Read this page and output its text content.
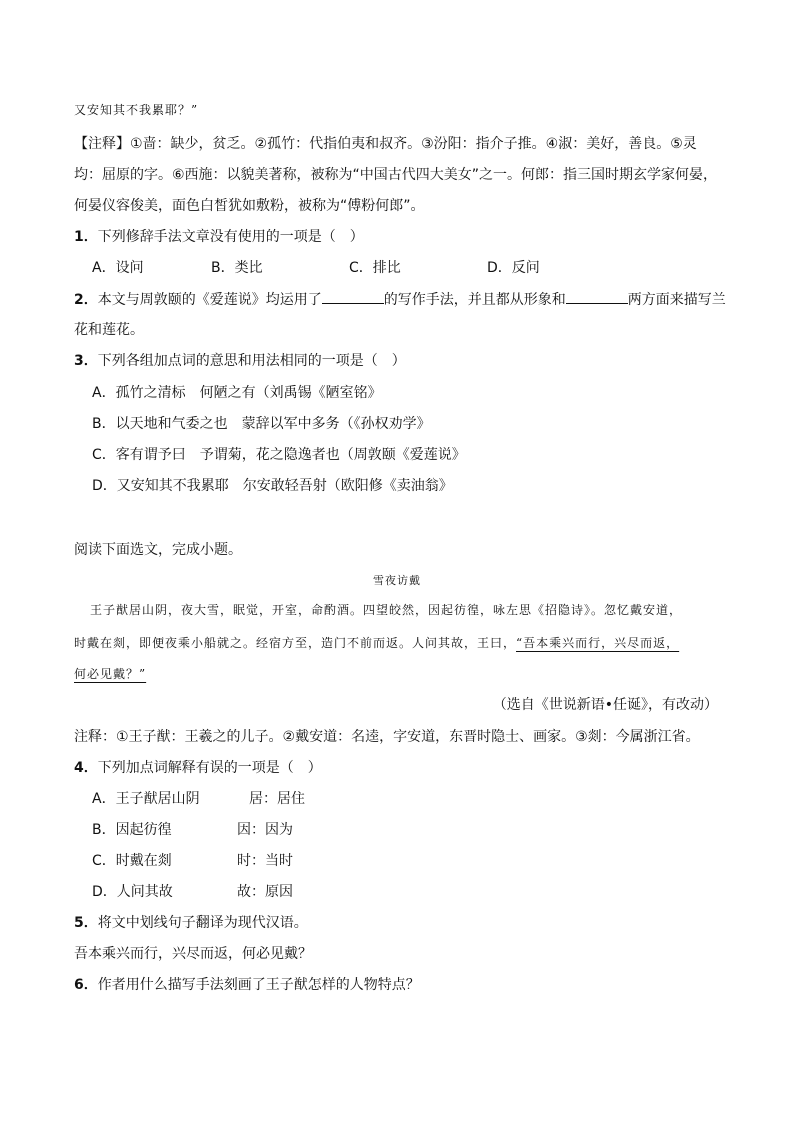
又安知其不我累耶？”
【注释】①啬：缺少，贫乏。②孤竹：代指伯夷和叔齐。③汾阳：指介子推。④淑：美好，善良。⑤灵
均：屈原的字。⑥西施：以貌美著称，被称为“中国古代四大美女”之一。何郎：指三国时期玄学家何晏，
何晏仪容俊美，面色白皙犹如敷粉，被称为“傅粉何郎”。
1．下列修辞手法文章没有使用的一项是（　）
A．设问	B．类比	C．排比	D．反问
2．本文与周敦颐的《爱莲说》均运用了	的写作手法，并且都从形象和	两方面来描写兰
花和莲花。
3．下列各组加点词的意思和用法相同的一项是（　）
A．孤竹之清标　何陋之有（刘禹锡《陋室铭》
B．以天地和气委之也　蒙辞以军中多务（《孙权劝学》
C．客有谓予曰　予谓菊，花之隐逸者也（周敦颐《爱莲说》
D．又安知其不我累耶　尔安敢轻吾射（欧阳修《卖油翁》
阅读下面选文，完成小题。
雪夜访戴
王子猷居山阴，夜大雪，眠觉，开室，命酌酒。四望皎然，因起彷徨，咏左思《招隐诗》。忽忆戴安道，
时戴在剡，即便夜乘小船就之。经宿方至，造门不前而返。人问其故，王曰，“吾本乘兴而行，兴尽而返，
何必见戴？”
（选自《世说新语•任诞》，有改动）
注释：①王子猷：王羲之的儿子。②戴安道：名逵，字安道，东晋时隐士、画家。③剡：今属浙江省。
4．下列加点词解释有误的一项是（　）
A．王子猷居山阴	居：居住
B．因起彷徨	因：因为
C．时戴在剡	时：当时
D．人问其故	故：原因
5．将文中划线句子翻译为现代汉语。
吾本乘兴而行，兴尽而返，何必见戴？
6．作者用什么描写手法刻画了王子猷怎样的人物特点？
